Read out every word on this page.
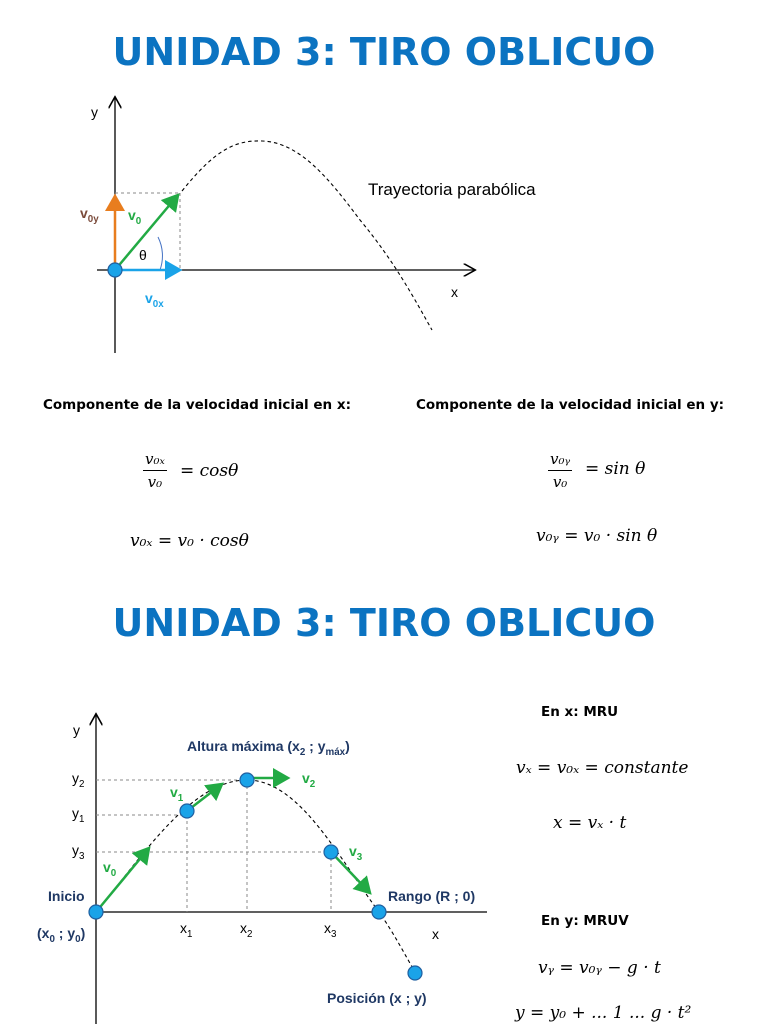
UNIDAD 3: TIRO OBLICUO
y
x
$v_{0y}$ $v_0$
θ
$v_{0x}$
Trayectoria parabólica
Componente de la velocidad inicial en x:	Componente de la velocidad inicial en y:
$\frac{\text{v₀ₓ}}{\text{v₀}} = \cos\theta$
v₀ₓ = v₀ · cosθ
$\frac{\text{v₀ᵧ}}{\text{v₀}} = \sin \theta$
v₀ᵧ = v₀ · sin θ
UNIDAD 3: TIRO OBLICUO
y
x
Altura máxima ($x_2$ ; $y_{máx}$)
$y_2$
$y_1$
$y_3$
$x_1$	$x_2$	$x_3$
$v_0$
$v_1$
$v_2$
$v_3$
Inicio
($x_0$ ; $y_0$)
Rango (R ; 0)
Posición (x ; y)
En x: MRU
vₓ = v₀ₓ = constante
x = vₓ · t
En y: MRUV
vᵧ = v₀ᵧ − g · t
y = y₀ + ... 1 ... g · t²
